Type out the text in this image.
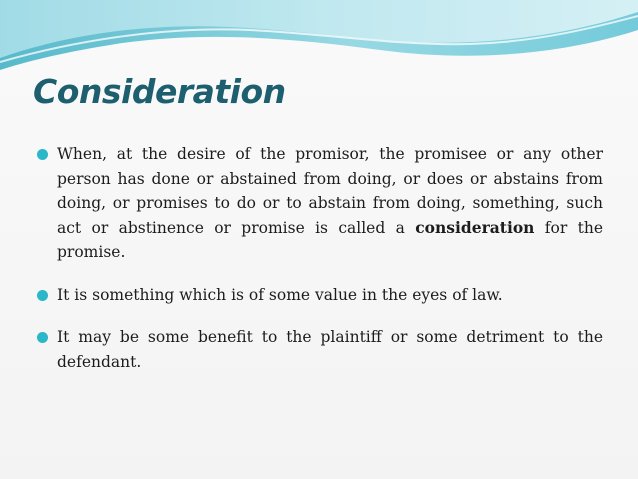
Consideration
When, at the desire of the promisor, the promisee or any other person has done or abstained from doing, or does or abstains from doing, or promises to do or to abstain from doing, something, such act or abstinence or promise is called a consideration for the promise.
It is something which is of some value in the eyes of law.
It may be some benefit to the plaintiff or some detriment to the defendant.
